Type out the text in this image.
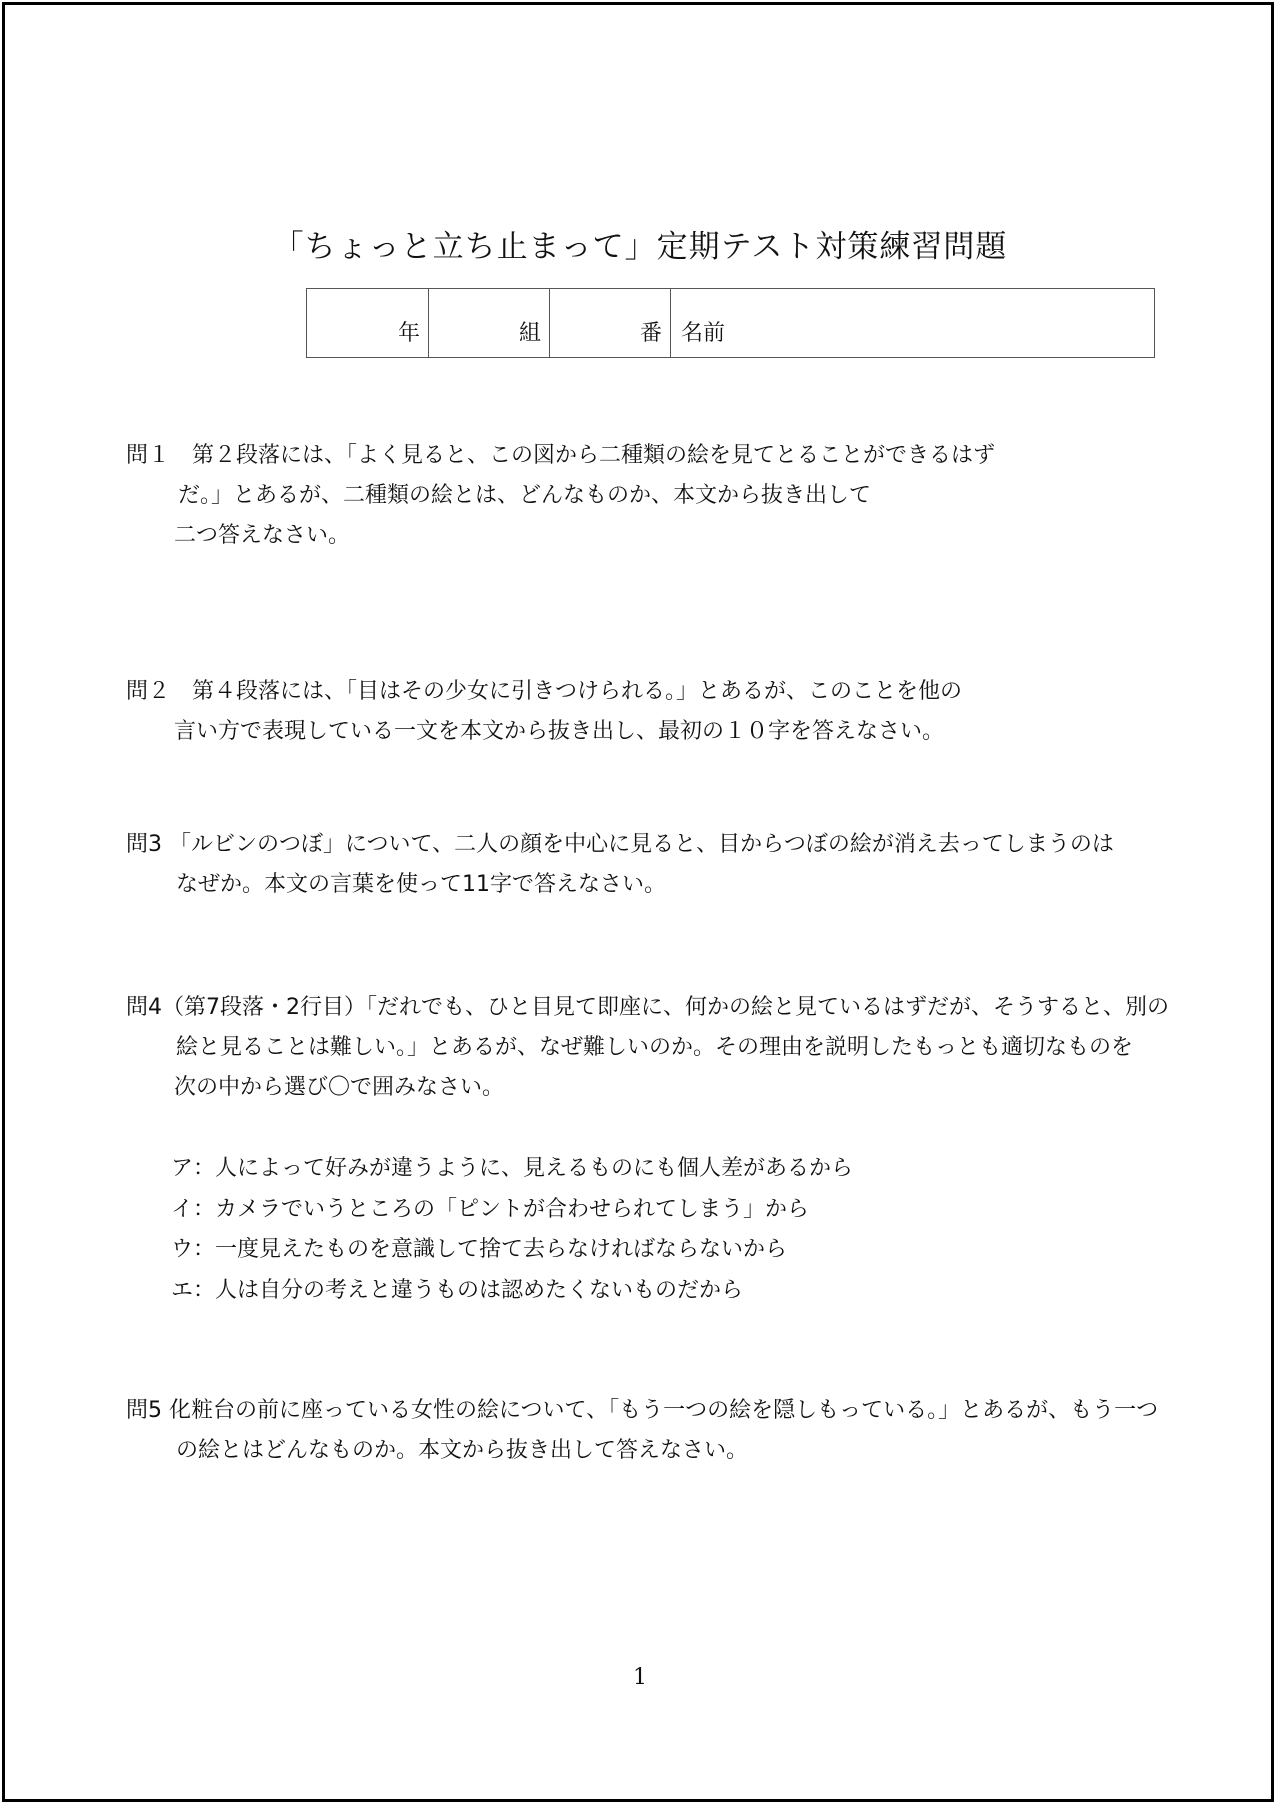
「ちょっと立ち止まって」定期テスト対策練習問題
年	組	番	名前
問１　第２段落には、「よく見ると、この図から二種類の絵を見てとることができるはず
だ。」とあるが、二種類の絵とは、どんなものか、本文から抜き出して
二つ答えなさい。
問２　第４段落には、「目はその少女に引きつけられる。」とあるが、このことを他の
言い方で表現している一文を本文から抜き出し、最初の１０字を答えなさい。
問3 「ルビンのつぼ」について、二人の顔を中心に見ると、目からつぼの絵が消え去ってしまうのは
なぜか。本文の言葉を使って11字で答えなさい。
問4（第7段落・2行目）「だれでも、ひと目見て即座に、何かの絵と見ているはずだが、そうすると、別の
絵と見ることは難しい。」とあるが、なぜ難しいのか。その理由を説明したもっとも適切なものを
次の中から選び〇で囲みなさい。
ア：人によって好みが違うように、見えるものにも個人差があるから
イ：カメラでいうところの「ピントが合わせられてしまう」から
ウ：一度見えたものを意識して捨て去らなければならないから
エ：人は自分の考えと違うものは認めたくないものだから
問5 化粧台の前に座っている女性の絵について、「もう一つの絵を隠しもっている。」とあるが、もう一つ
の絵とはどんなものか。本文から抜き出して答えなさい。
1
